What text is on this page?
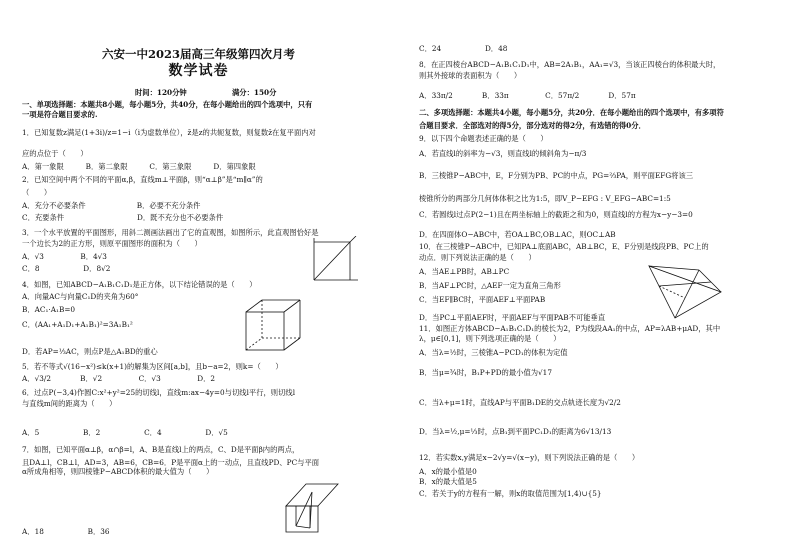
六安一中2023届高三年级第四次月考
数学试卷
时间：120分钟	满分：150分
一、单项选择题：本题共8小题，每小题5分，共40分，在每小题给出的四个选项中，只有
一项是符合题目要求的.
1．已知复数z满足(1+3i)/z=1−i（i为虚数单位），z̄是z的共轭复数，则复数z̄在复平面内对
应的点位于（　　）
A．第一象限　　　B．第二象限　　　C．第三象限　　　D．第四象限
2．已知空间中两个不同的平面α,β，直线m⊥平面β，则“α⊥β”是“m∥α”的
（　　）
A．充分不必要条件　　　　　　　B．必要不充分条件
C．充要条件　　　　　　　　　　D．既不充分也不必要条件
3．一个水平放置的平面图形，用斜二测画法画出了它的直观图，如图所示，此直观图恰好是
一个边长为2的正方形，则原平面图形的面积为（　　）
A．√3　　　　　B．4√3
C．8　　　　　　D．8√2
4．如图，已知ABCD−A₁B₁C₁D₁是正方体，以下结论错误的是（　　）
A．向量AC与向量C₁D的夹角为60°
B．AC₁·A₁B=0
C．(AA₁+A₁D₁+A₁B₁)²=3A₁B₁²
D．若AP=⅓AC，则点P是△A₁BD的重心
5．若不等式√(16−x²)≤k(x+1)的解集为区间[a,b]，且b−a=2，则k=（　　）
A．√3/2　　　　B．√2　　　　　C．√3　　　　　D．2
6．过点P(−3,4)作圆C:x²+y²=25的切线l，直线m:ax−4y=0与切线l平行，则切线l
与直线m间的距离为（　　）
A．5　　　　　　B．2　　　　　　C．4　　　　　　D．√5
7．如图，已知平面α⊥β，α∩β=l，A、B是直线l上的两点，C、D是平面β内的两点，
且DA⊥l，CB⊥l，AD=3，AB=6，CB=6．P是平面α上的一动点，且直线PD、PC与平面
α所成角相等，则四棱锥P−ABCD体积的最大值为（　　）
A．18　　　　　　B．36
C．24　　　　　　D．48
8．在正四棱台ABCD−A₁B₁C₁D₁中，AB=2A₁B₁，AA₁=√3，当该正四棱台的体积最大时，
则其外接球的表面积为（　　）
A．33π/2　　　　B．33π　　　　　C．57π/2　　　　D．57π
二、多项选择题：本题共4小题，每小题5分，共20分．在每小题给出的四个选项中，有多项符
合题目要求．全部选对的得5分，部分选对的得2分，有选错的得0分．
9．以下四个命题表述正确的是（　　）
A．若直线l的斜率为−√3，则直线l的倾斜角为−π/3
B．三棱锥P−ABC中，E，F分别为PB、PC的中点，PG=⅔PA，则平面EFG将该三
棱锥所分的两部分几何体体积之比为1:5，即V_P−EFG : V_EFG−ABC=1:5
C．若圆线l过点P(2−1)且在两坐标轴上的截距之和为0，则直线l的方程为x−y−3=0
D．在四面体O−ABC中，若OA⊥BC,OB⊥AC，则OC⊥AB
10．在三棱锥P−ABC中，已知PA⊥底面ABC，AB⊥BC，E、F分别是线段PB、PC上的
动点．则下列说法正确的是（　　）
A．当AE⊥PB时，AB⊥PC
B．当AF⊥PC时，△AEF一定为直角三角形
C．当EF∥BC时，平面AEF⊥平面PAB
D．当PC⊥平面AEF时，平面AEF与平面PAB不可能垂直
11．如图正方体ABCD−A₁B₁C₁D₁的棱长为2，P为线段AA₁的中点，AP=λAB+μAD，其中
λ，μ∈[0,1]，则下列选项正确的是（　　）
A．当λ=½时，三棱锥A−PCD₁的体积为定值
B．当μ=¾时，B₁P+PD的最小值为√17
C．当λ+μ=1时，直线AP与平面B₁DE的交点轨迹长度为√2/2
D．当λ=½,μ=⅓时，点B₁到平面PC₁D₁的距离为6√13/13
12．若实数x,y满足x−2√y=√(x−y)，则下列说法正确的是（　　）
A．x的最小值是0
B．x的最大值是5
C．若关于y的方程有一解，则x的取值范围为[1,4)∪{5}
